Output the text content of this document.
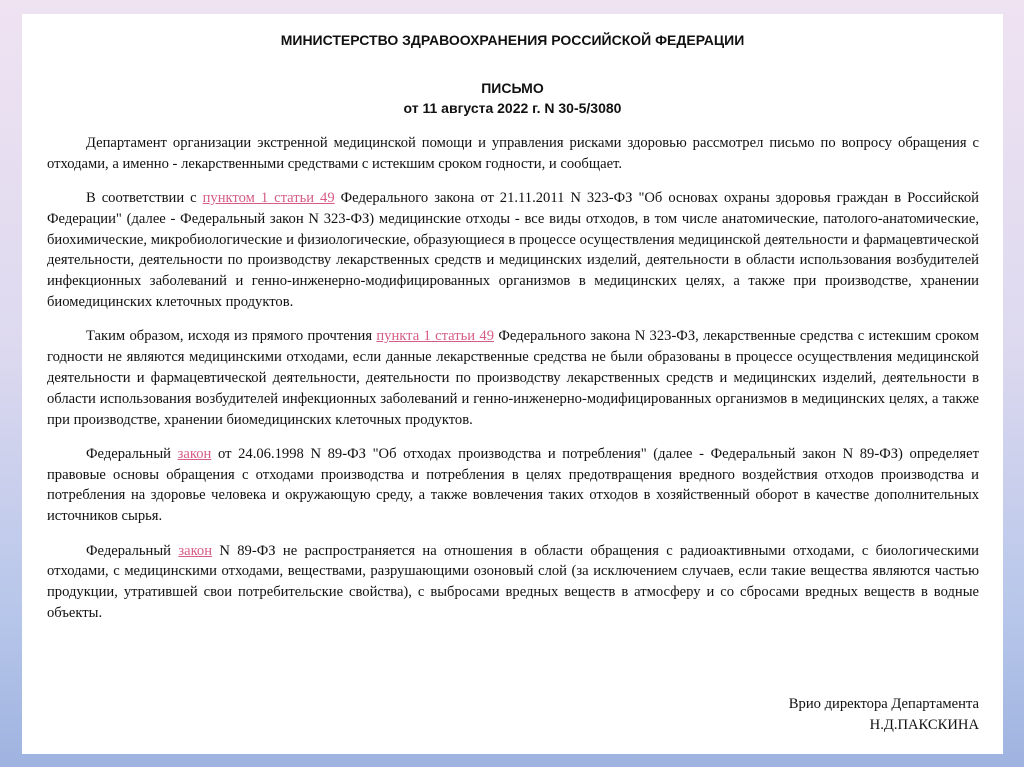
МИНИСТЕРСТВО ЗДРАВООХРАНЕНИЯ РОССИЙСКОЙ ФЕДЕРАЦИИ
ПИСЬМО
от 11 августа 2022 г. N 30-5/3080

Департамент организации экстренной медицинской помощи и управления рисками здоровью рассмотрел письмо по вопросу обращения с отходами, а именно - лекарственными средствами с истекшим сроком годности, и сообщает.

В соответствии с пунктом 1 статьи 49 Федерального закона от 21.11.2011 N 323-ФЗ "Об основах охраны здоровья граждан в Российской Федерации" (далее - Федеральный закон N 323-ФЗ) медицинские отходы - все виды отходов, в том числе анатомические, патолого-анатомические, биохимические, микробиологические и физиологические, образующиеся в процессе осуществления медицинской деятельности и фармацевтической деятельности, деятельности по производству лекарственных средств и медицинских изделий, деятельности в области использования возбудителей инфекционных заболеваний и генно-инженерно-модифицированных организмов в медицинских целях, а также при производстве, хранении биомедицинских клеточных продуктов.

Таким образом, исходя из прямого прочтения пункта 1 статьи 49 Федерального закона N 323-ФЗ, лекарственные средства с истекшим сроком годности не являются медицинскими отходами, если данные лекарственные средства не были образованы в процессе осуществления медицинской деятельности и фармацевтической деятельности, деятельности по производству лекарственных средств и медицинских изделий, деятельности в области использования возбудителей инфекционных заболеваний и генно-инженерно-модифицированных организмов в медицинских целях, а также при производстве, хранении биомедицинских клеточных продуктов.

Федеральный закон от 24.06.1998 N 89-ФЗ "Об отходах производства и потребления" (далее - Федеральный закон N 89-ФЗ) определяет правовые основы обращения с отходами производства и потребления в целях предотвращения вредного воздействия отходов производства и потребления на здоровье человека и окружающую среду, а также вовлечения таких отходов в хозяйственный оборот в качестве дополнительных источников сырья.

Федеральный закон N 89-ФЗ не распространяется на отношения в области обращения с радиоактивными отходами, с биологическими отходами, с медицинскими отходами, веществами, разрушающими озоновый слой (за исключением случаев, если такие вещества являются частью продукции, утратившей свои потребительские свойства), с выбросами вредных веществ в атмосферу и со сбросами вредных веществ в водные объекты.

Врио директора Департамента
Н.Д.ПАКСКИНА
